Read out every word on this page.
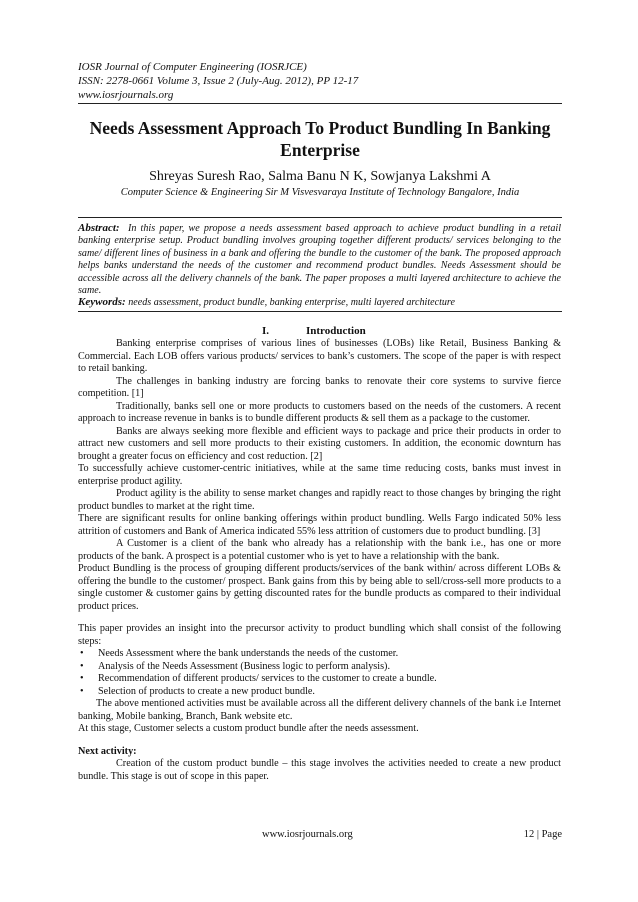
IOSR Journal of Computer Engineering (IOSRJCE)
ISSN: 2278-0661 Volume 3, Issue 2 (July-Aug. 2012), PP 12-17
www.iosrjournals.org
Needs Assessment Approach To Product Bundling In Banking Enterprise
Shreyas Suresh Rao, Salma Banu N K, Sowjanya Lakshmi A
Computer Science & Engineering Sir M Visvesvaraya Institute of Technology Bangalore, India
Abstract: In this paper, we propose a needs assessment based approach to achieve product bundling in a retail banking enterprise setup. Product bundling involves grouping together different products/ services belonging to the same/ different lines of business in a bank and offering the bundle to the customer of the bank. The proposed approach helps banks understand the needs of the customer and recommend product bundles. Needs Assessment should be accessible across all the delivery channels of the bank. The paper proposes a multi layered architecture to achieve the same.
Keywords: needs assessment, product bundle, banking enterprise, multi layered architecture
I.	Introduction

Banking enterprise comprises of various lines of businesses (LOBs) like Retail, Business Banking & Commercial. Each LOB offers various products/ services to bank’s customers. The scope of the paper is with respect to retail banking.

The challenges in banking industry are forcing banks to renovate their core systems to survive fierce competition. [1]

Traditionally, banks sell one or more products to customers based on the needs of the customers. A recent approach to increase revenue in banks is to bundle different products & sell them as a package to the customer.

Banks are always seeking more flexible and efficient ways to package and price their products in order to attract new customers and sell more products to their existing customers. In addition, the economic downturn has brought a greater focus on efficiency and cost reduction. [2]

To successfully achieve customer-centric initiatives, while at the same time reducing costs, banks must invest in enterprise product agility.

Product agility is the ability to sense market changes and rapidly react to those changes by bringing the right product bundles to market at the right time.

There are significant results for online banking offerings within product bundling. Wells Fargo indicated 50% less attrition of customers and Bank of America indicated 55% less attrition of customers due to product bundling. [3]

A Customer is a client of the bank who already has a relationship with the bank i.e., has one or more products of the bank. A prospect is a potential customer who is yet to have a relationship with the bank.

Product Bundling is the process of grouping different products/services of the bank within/ across different LOBs & offering the bundle to the customer/ prospect. Bank gains from this by being able to sell/cross-sell more products to a single customer & customer gains by getting discounted rates for the bundle products as compared to their individual product prices.

This paper provides an insight into the precursor activity to product bundling which shall consist of the following steps:

• Needs Assessment where the bank understands the needs of the customer.

• Analysis of the Needs Assessment (Business logic to perform analysis).

• Recommendation of different products/ services to the customer to create a bundle.

• Selection of products to create a new product bundle.

The above mentioned activities must be available across all the different delivery channels of the bank i.e Internet banking, Mobile banking, Branch, Bank website etc.

At this stage, Customer selects a custom product bundle after the needs assessment.

Next activity:

Creation of the custom product bundle – this stage involves the activities needed to create a new product bundle. This stage is out of scope in this paper.

www.iosrjournals.org	12 | Page
